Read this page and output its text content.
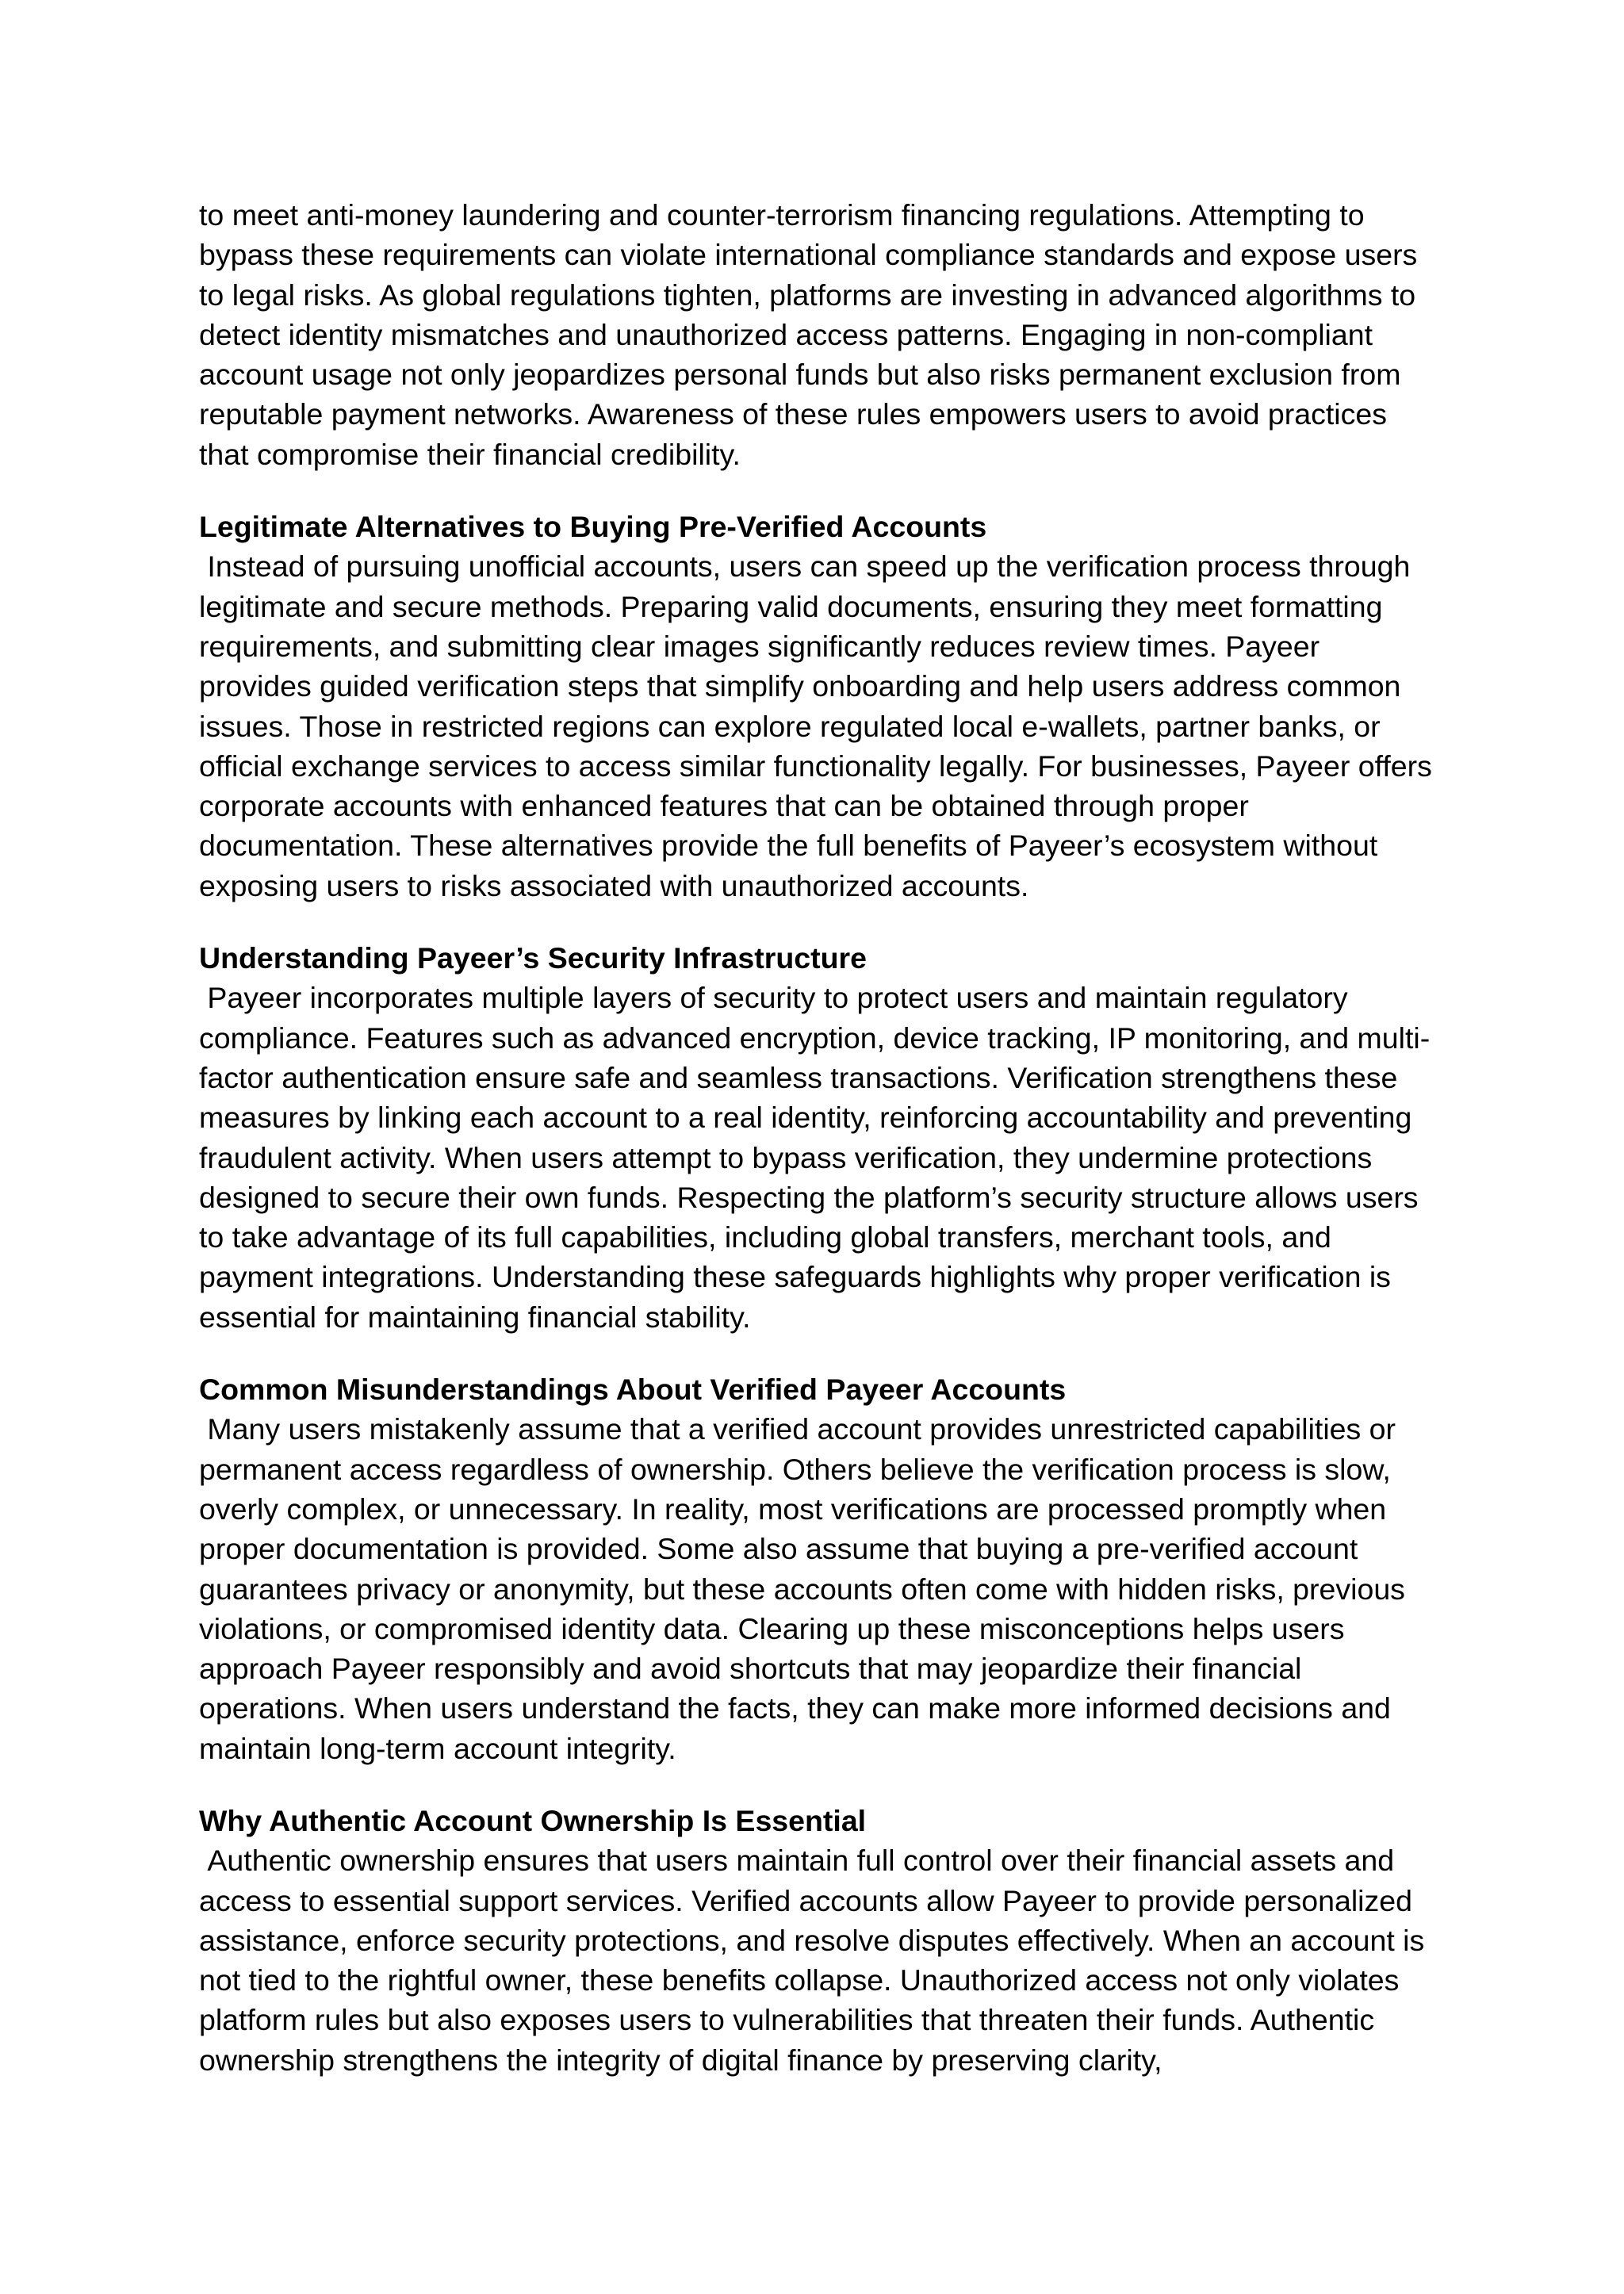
to meet anti-money laundering and counter-terrorism financing regulations. Attempting to bypass these requirements can violate international compliance standards and expose users to legal risks. As global regulations tighten, platforms are investing in advanced algorithms to detect identity mismatches and unauthorized access patterns. Engaging in non-compliant account usage not only jeopardizes personal funds but also risks permanent exclusion from reputable payment networks. Awareness of these rules empowers users to avoid practices that compromise their financial credibility.

Legitimate Alternatives to Buying Pre-Verified Accounts

Instead of pursuing unofficial accounts, users can speed up the verification process through legitimate and secure methods. Preparing valid documents, ensuring they meet formatting requirements, and submitting clear images significantly reduces review times. Payeer provides guided verification steps that simplify onboarding and help users address common issues. Those in restricted regions can explore regulated local e-wallets, partner banks, or official exchange services to access similar functionality legally. For businesses, Payeer offers corporate accounts with enhanced features that can be obtained through proper documentation. These alternatives provide the full benefits of Payeer’s ecosystem without exposing users to risks associated with unauthorized accounts.

Understanding Payeer’s Security Infrastructure

Payeer incorporates multiple layers of security to protect users and maintain regulatory compliance. Features such as advanced encryption, device tracking, IP monitoring, and multi-factor authentication ensure safe and seamless transactions. Verification strengthens these measures by linking each account to a real identity, reinforcing accountability and preventing fraudulent activity. When users attempt to bypass verification, they undermine protections designed to secure their own funds. Respecting the platform’s security structure allows users to take advantage of its full capabilities, including global transfers, merchant tools, and payment integrations. Understanding these safeguards highlights why proper verification is essential for maintaining financial stability.

Common Misunderstandings About Verified Payeer Accounts

Many users mistakenly assume that a verified account provides unrestricted capabilities or permanent access regardless of ownership. Others believe the verification process is slow, overly complex, or unnecessary. In reality, most verifications are processed promptly when proper documentation is provided. Some also assume that buying a pre-verified account guarantees privacy or anonymity, but these accounts often come with hidden risks, previous violations, or compromised identity data. Clearing up these misconceptions helps users approach Payeer responsibly and avoid shortcuts that may jeopardize their financial operations. When users understand the facts, they can make more informed decisions and maintain long-term account integrity.

Why Authentic Account Ownership Is Essential

Authentic ownership ensures that users maintain full control over their financial assets and access to essential support services. Verified accounts allow Payeer to provide personalized assistance, enforce security protections, and resolve disputes effectively. When an account is not tied to the rightful owner, these benefits collapse. Unauthorized access not only violates platform rules but also exposes users to vulnerabilities that threaten their funds. Authentic ownership strengthens the integrity of digital finance by preserving clarity,
